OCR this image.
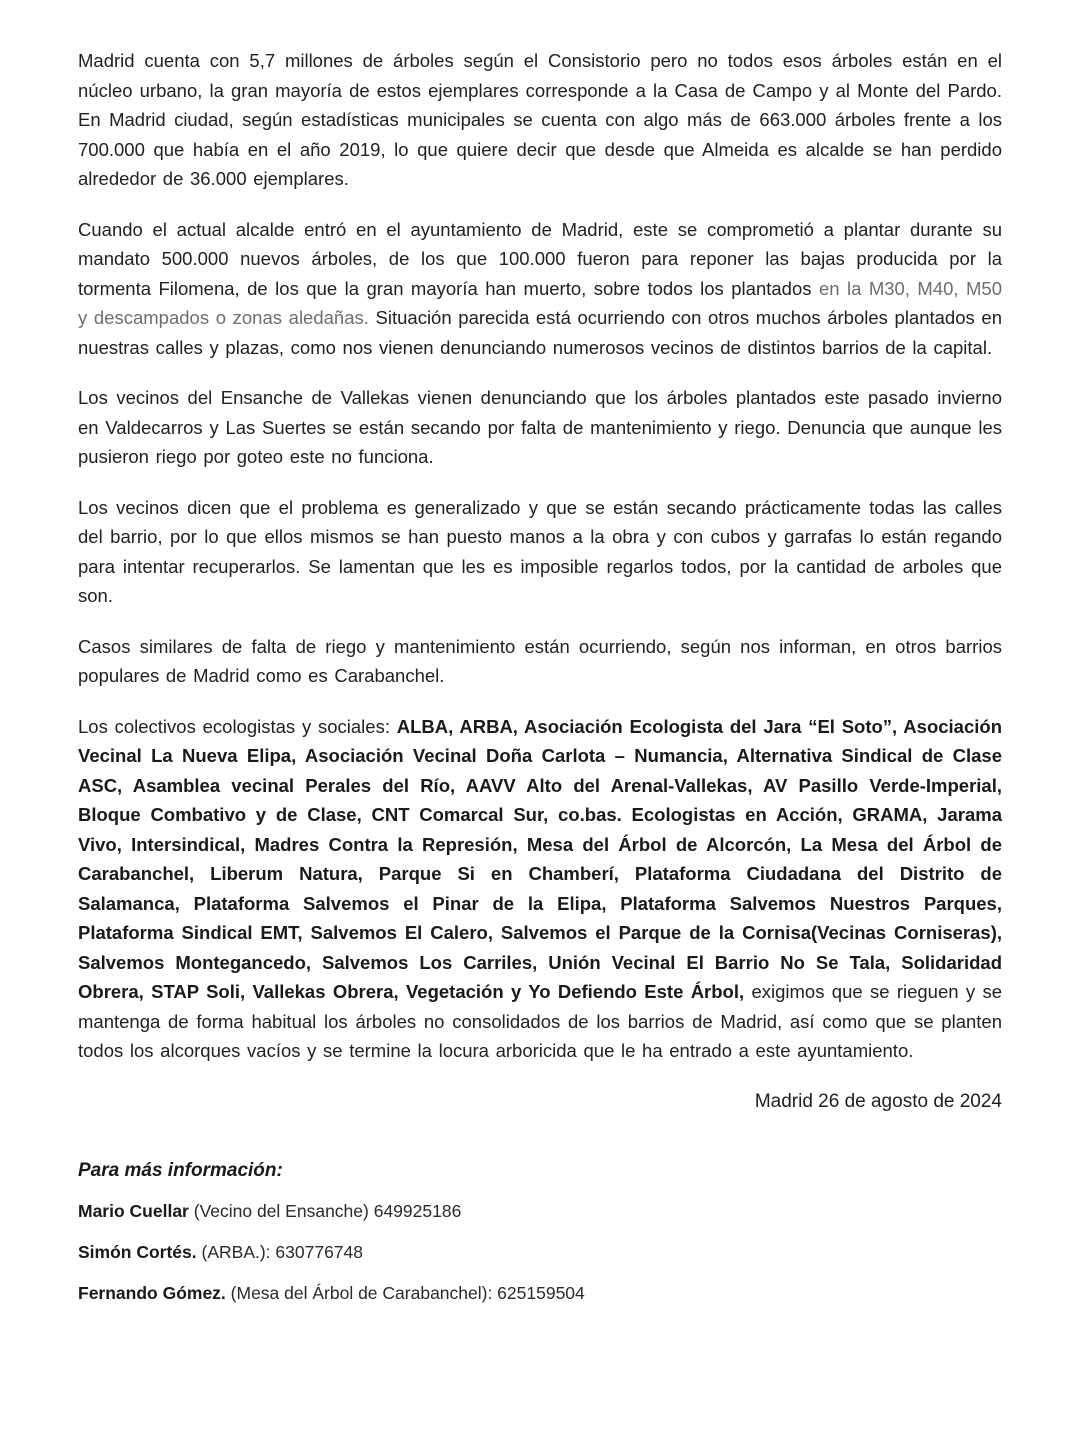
Madrid cuenta con 5,7 millones de árboles según el Consistorio pero no todos esos árboles están en el núcleo urbano, la gran mayoría de estos ejemplares corresponde a la Casa de Campo y al Monte del Pardo. En Madrid ciudad, según estadísticas municipales se cuenta con algo más de 663.000 árboles frente a los 700.000 que había en el año 2019, lo que quiere decir que desde que Almeida es alcalde se han perdido alrededor de 36.000 ejemplares.

Cuando el actual alcalde entró en el ayuntamiento de Madrid, este se comprometió a plantar durante su mandato 500.000 nuevos árboles, de los que 100.000 fueron para reponer las bajas producida por la tormenta Filomena, de los que la gran mayoría han muerto, sobre todos los plantados en la M30, M40, M50 y descampados o zonas aledañas. Situación parecida está ocurriendo con otros muchos árboles plantados en nuestras calles y plazas, como nos vienen denunciando numerosos vecinos de distintos barrios de la capital.

Los vecinos del Ensanche de Vallekas vienen denunciando que los árboles plantados este pasado invierno en Valdecarros y Las Suertes se están secando por falta de mantenimiento y riego. Denuncia que aunque les pusieron riego por goteo este no funciona.

Los vecinos dicen que el problema es generalizado y que se están secando prácticamente todas las calles del barrio, por lo que ellos mismos se han puesto manos a la obra y con cubos y garrafas lo están regando para intentar recuperarlos. Se lamentan que les es imposible regarlos todos, por la cantidad de arboles que son.

Casos similares de falta de riego y mantenimiento están ocurriendo, según nos informan, en otros barrios populares de Madrid como es Carabanchel.

Los colectivos ecologistas y sociales: ALBA, ARBA, Asociación Ecologista del Jara “El Soto”, Asociación Vecinal La Nueva Elipa, Asociación Vecinal Doña Carlota – Numancia, Alternativa Sindical de Clase ASC, Asamblea vecinal Perales del Río, AAVV Alto del Arenal-Vallekas, AV Pasillo Verde-Imperial, Bloque Combativo y de Clase, CNT Comarcal Sur, co.bas. Ecologistas en Acción, GRAMA, Jarama Vivo, Intersindical, Madres Contra la Represión, Mesa del Árbol de Alcorcón, La Mesa del Árbol de Carabanchel, Liberum Natura, Parque Si en Chamberí, Plataforma Ciudadana del Distrito de Salamanca, Plataforma Salvemos el Pinar de la Elipa, Plataforma Salvemos Nuestros Parques, Plataforma Sindical EMT, Salvemos El Calero, Salvemos el Parque de la Cornisa(Vecinas Corniseras), Salvemos Montegancedo, Salvemos Los Carriles, Unión Vecinal El Barrio No Se Tala, Solidaridad Obrera, STAP Soli, Vallekas Obrera, Vegetación y Yo Defiendo Este Árbol, exigimos que se rieguen y se mantenga de forma habitual los árboles no consolidados de los barrios de Madrid, así como que se planten todos los alcorques vacíos y se termine la locura arboricida que le ha entrado a este ayuntamiento.

Madrid 26 de agosto de 2024

Para más información:

Mario Cuellar (Vecino del Ensanche) 649925186

Simón Cortés. (ARBA.): 630776748

Fernando Gómez. (Mesa del Árbol de Carabanchel): 625159504
